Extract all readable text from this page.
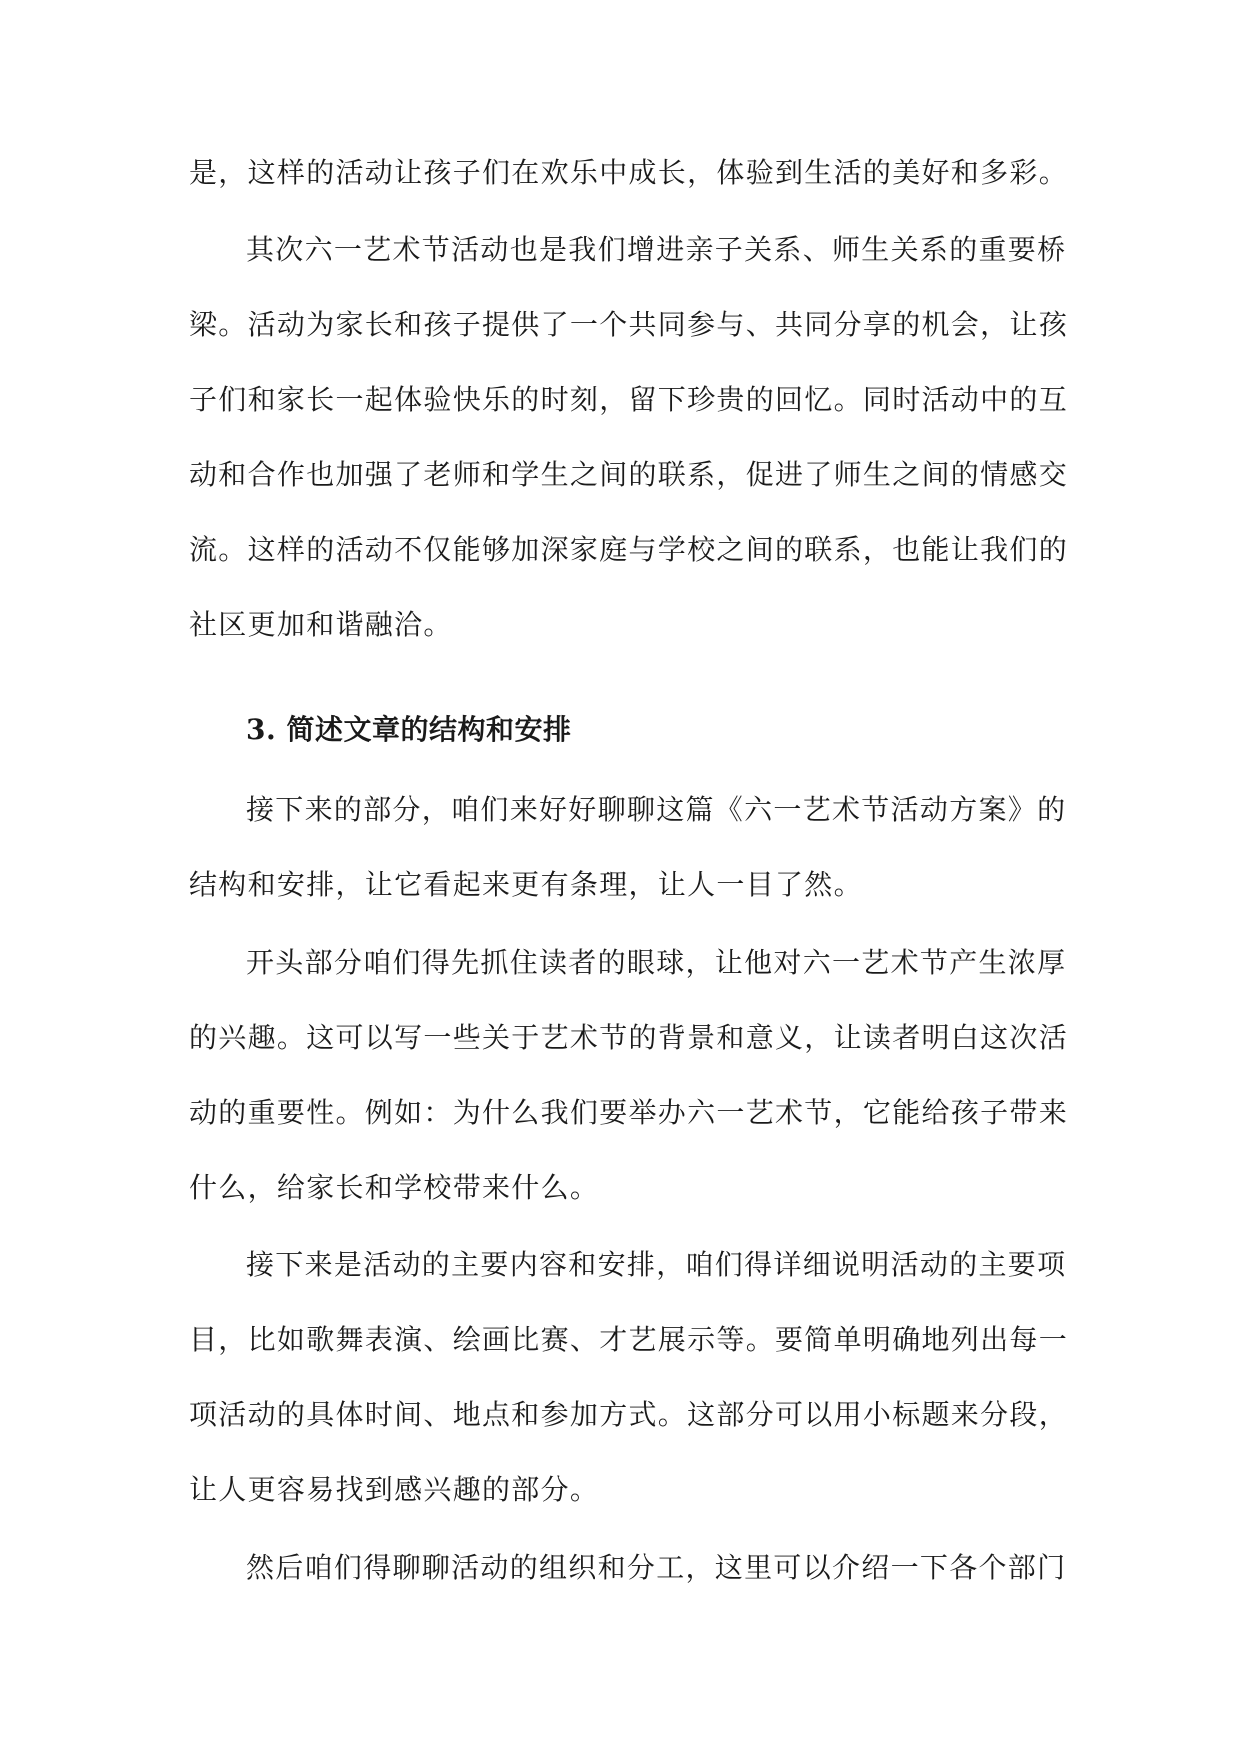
是，这样的活动让孩子们在欢乐中成长，体验到生活的美好和多彩。
其次六一艺术节活动也是我们增进亲子关系、师生关系的重要桥
梁。活动为家长和孩子提供了一个共同参与、共同分享的机会，让孩
子们和家长一起体验快乐的时刻，留下珍贵的回忆。同时活动中的互
动和合作也加强了老师和学生之间的联系，促进了师生之间的情感交
流。这样的活动不仅能够加深家庭与学校之间的联系，也能让我们的
社区更加和谐融洽。
3. 简述文章的结构和安排
接下来的部分，咱们来好好聊聊这篇《六一艺术节活动方案》的
结构和安排，让它看起来更有条理，让人一目了然。
开头部分咱们得先抓住读者的眼球，让他对六一艺术节产生浓厚
的兴趣。这可以写一些关于艺术节的背景和意义，让读者明白这次活
动的重要性。例如：为什么我们要举办六一艺术节，它能给孩子带来
什么，给家长和学校带来什么。
接下来是活动的主要内容和安排，咱们得详细说明活动的主要项
目，比如歌舞表演、绘画比赛、才艺展示等。要简单明确地列出每一
项活动的具体时间、地点和参加方式。这部分可以用小标题来分段，
让人更容易找到感兴趣的部分。
然后咱们得聊聊活动的组织和分工，这里可以介绍一下各个部门
